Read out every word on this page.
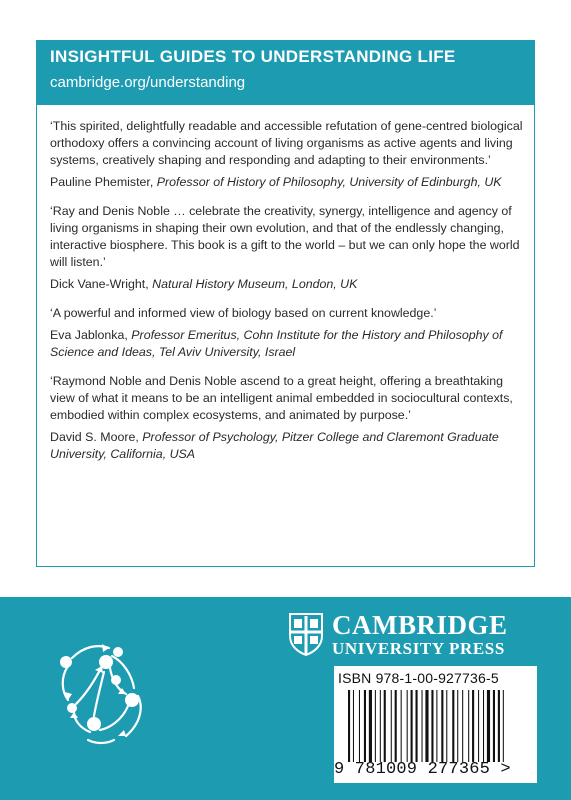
INSIGHTFUL GUIDES TO UNDERSTANDING LIFE
cambridge.org/understanding

‘This spirited, delightfully readable and accessible refutation of gene-centred biological orthodoxy offers a convincing account of living organisms as active agents and living systems, creatively shaping and responding and adapting to their environments.’

Pauline Phemister, Professor of History of Philosophy, University of Edinburgh, UK

‘Ray and Denis Noble … celebrate the creativity, synergy, intelligence and agency of living organisms in shaping their own evolution, and that of the endlessly changing, interactive biosphere. This book is a gift to the world – but we can only hope the world will listen.’

Dick Vane-Wright, Natural History Museum, London, UK

‘A powerful and informed view of biology based on current knowledge.’

Eva Jablonka, Professor Emeritus, Cohn Institute for the History and Philosophy of Science and Ideas, Tel Aviv University, Israel

‘Raymond Noble and Denis Noble ascend to a great height, offering a breathtaking view of what it means to be an intelligent animal embedded in sociocultural contexts, embodied within complex ecosystems, and animated by purpose.’

David S. Moore, Professor of Psychology, Pitzer College and Claremont Graduate University, California, USA

CAMBRIDGE
UNIVERSITY PRESS
ISBN 978-1-00-927736-5
9 781009 277365 >
